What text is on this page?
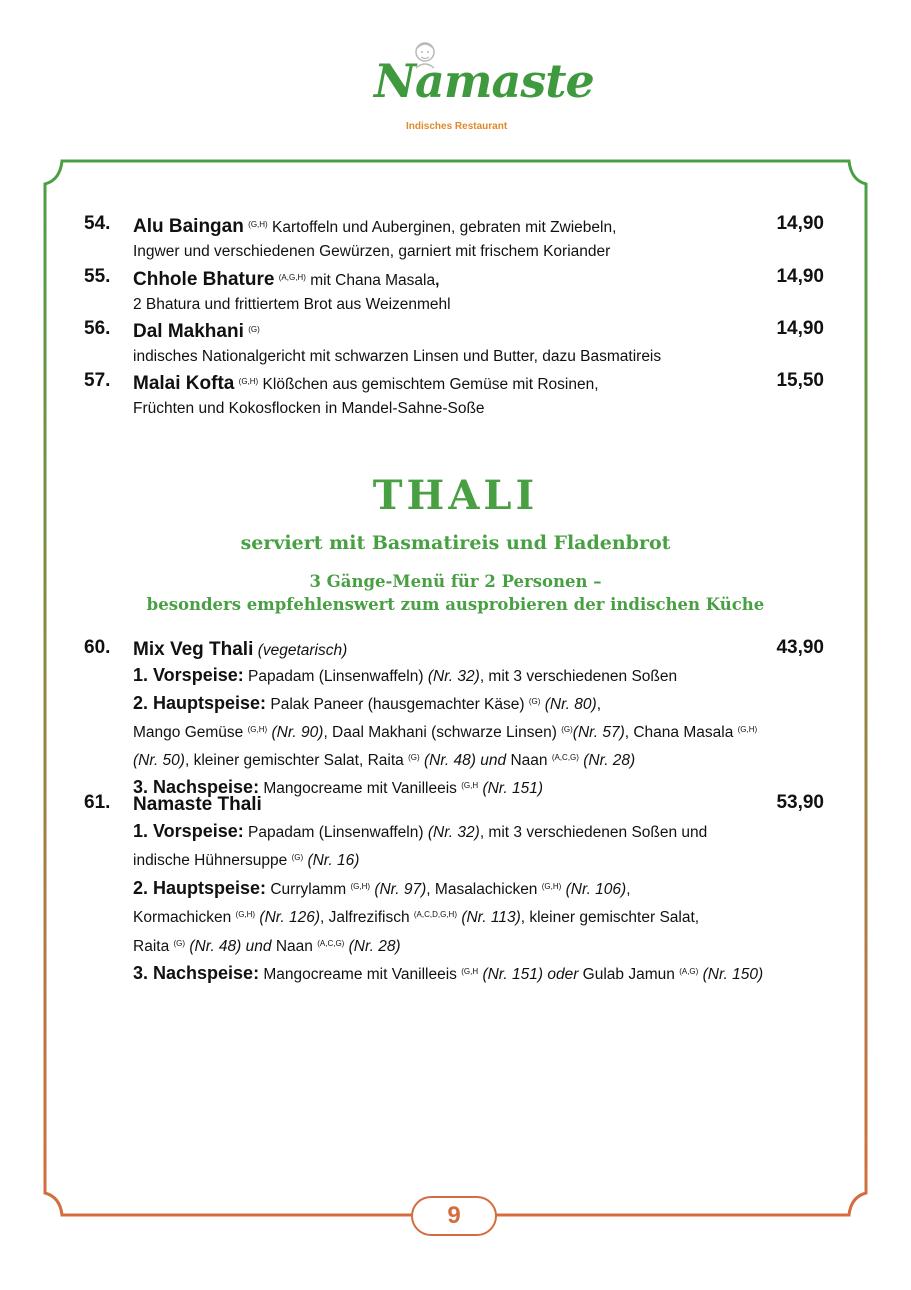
Namaste
Indisches Restaurant
54.	14,90
Alu Baingan $^{(G,H)}$ Kartoffeln und Auberginen, gebraten mit Zwiebeln,
Ingwer und verschiedenen Gewürzen, garniert mit frischem Koriander
55.	14,90
Chhole Bhature $^{(A,G,H)}$ mit Chana Masala,
2 Bhatura und frittiertem Brot aus Weizenmehl
56.	14,90
Dal Makhani $^{(G)}$
indisches Nationalgericht mit schwarzen Linsen und Butter, dazu Basmatireis
57.	15,50
Malai Kofta $^{(G,H)}$ Klößchen aus gemischtem Gemüse mit Rosinen,
Früchten und Kokosflocken in Mandel-Sahne-Soße
THALI
serviert mit Basmatireis und Fladenbrot
3 Gänge-Menü für 2 Personen –
besonders empfehlenswert zum ausprobieren der indischen Küche
60.	43,90
Mix Veg Thali (vegetarisch)
1. Vorspeise: Papadam (Linsenwaffeln) (Nr. 32), mit 3 verschiedenen Soßen
2. Hauptspeise: Palak Paneer (hausgemachter Käse) $^{(G)}$ (Nr. 80),
Mango Gemüse $^{(G,H)}$ (Nr. 90), Daal Makhani (schwarze Linsen) $^{(G)}$(Nr. 57), Chana Masala $^{(G,H)}$
(Nr. 50), kleiner gemischter Salat, Raita $^{(G)}$ (Nr. 48) und Naan $^{(A,C,G)}$ (Nr. 28)
3. Nachspeise: Mangocreame mit Vanilleeis $^{(G,H}$ (Nr. 151)
61.	53,90
Namaste Thali
1. Vorspeise: Papadam (Linsenwaffeln) (Nr. 32), mit 3 verschiedenen Soßen und
indische Hühnersuppe $^{(G)}$ (Nr. 16)
2. Hauptspeise: Currylamm $^{(G,H)}$ (Nr. 97), Masalachicken $^{(G,H)}$ (Nr. 106),
Kormachicken $^{(G,H)}$ (Nr. 126), Jalfrezifisch $^{(A,C,D,G,H)}$ (Nr. 113), kleiner gemischter Salat,
Raita $^{(G)}$ (Nr. 48) und Naan $^{(A,C,G)}$ (Nr. 28)
3. Nachspeise: Mangocreame mit Vanilleeis $^{(G,H}$ (Nr. 151) oder Gulab Jamun $^{(A,G)}$ (Nr. 150)
9
